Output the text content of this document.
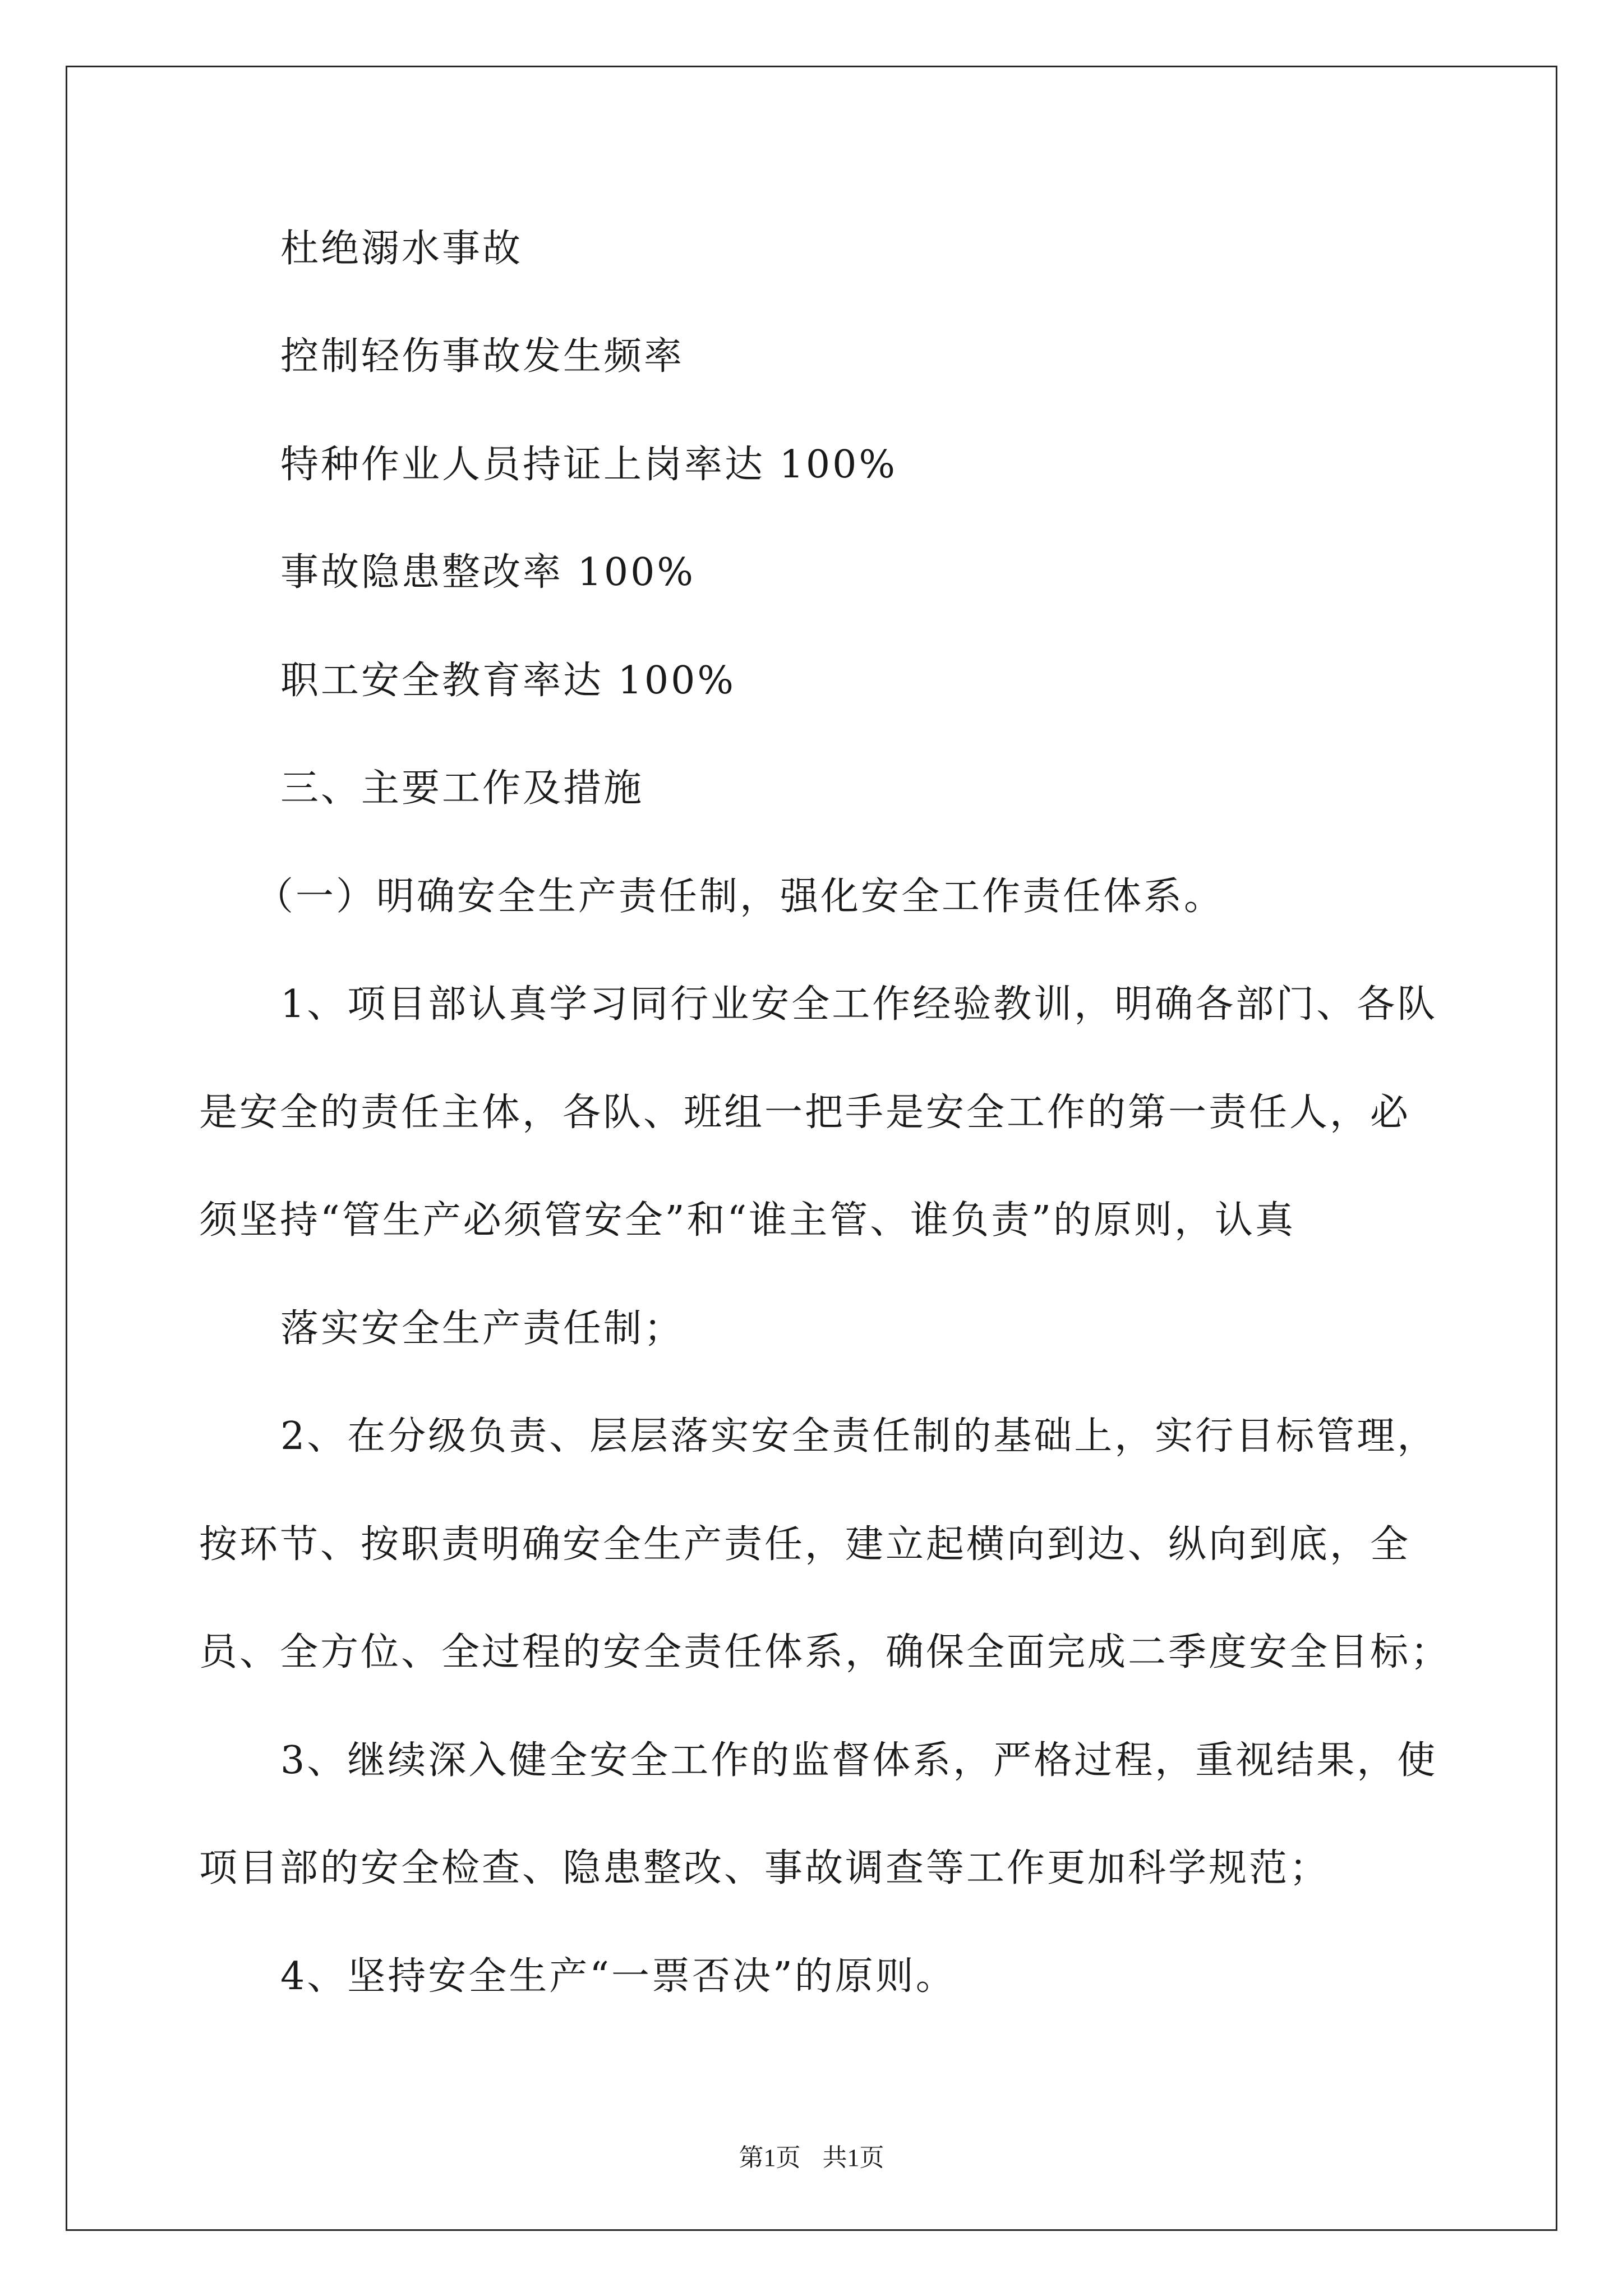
杜绝溺水事故
控制轻伤事故发生频率
特种作业人员持证上岗率达 100%
事故隐患整改率 100%
职工安全教育率达 100%
三、主要工作及措施
（一）明确安全生产责任制，强化安全工作责任体系。
1、项目部认真学习同行业安全工作经验教训，明确各部门、各队
是安全的责任主体，各队、班组一把手是安全工作的第一责任人，必
须坚持“管生产必须管安全”和“谁主管、谁负责”的原则，认真
落实安全生产责任制；
2、在分级负责、层层落实安全责任制的基础上，实行目标管理，
按环节、按职责明确安全生产责任，建立起横向到边、纵向到底，全
员、全方位、全过程的安全责任体系，确保全面完成二季度安全目标；
3、继续深入健全安全工作的监督体系，严格过程，重视结果，使
项目部的安全检查、隐患整改、事故调查等工作更加科学规范；
4、坚持安全生产“一票否决”的原则。
第1页 共1页
